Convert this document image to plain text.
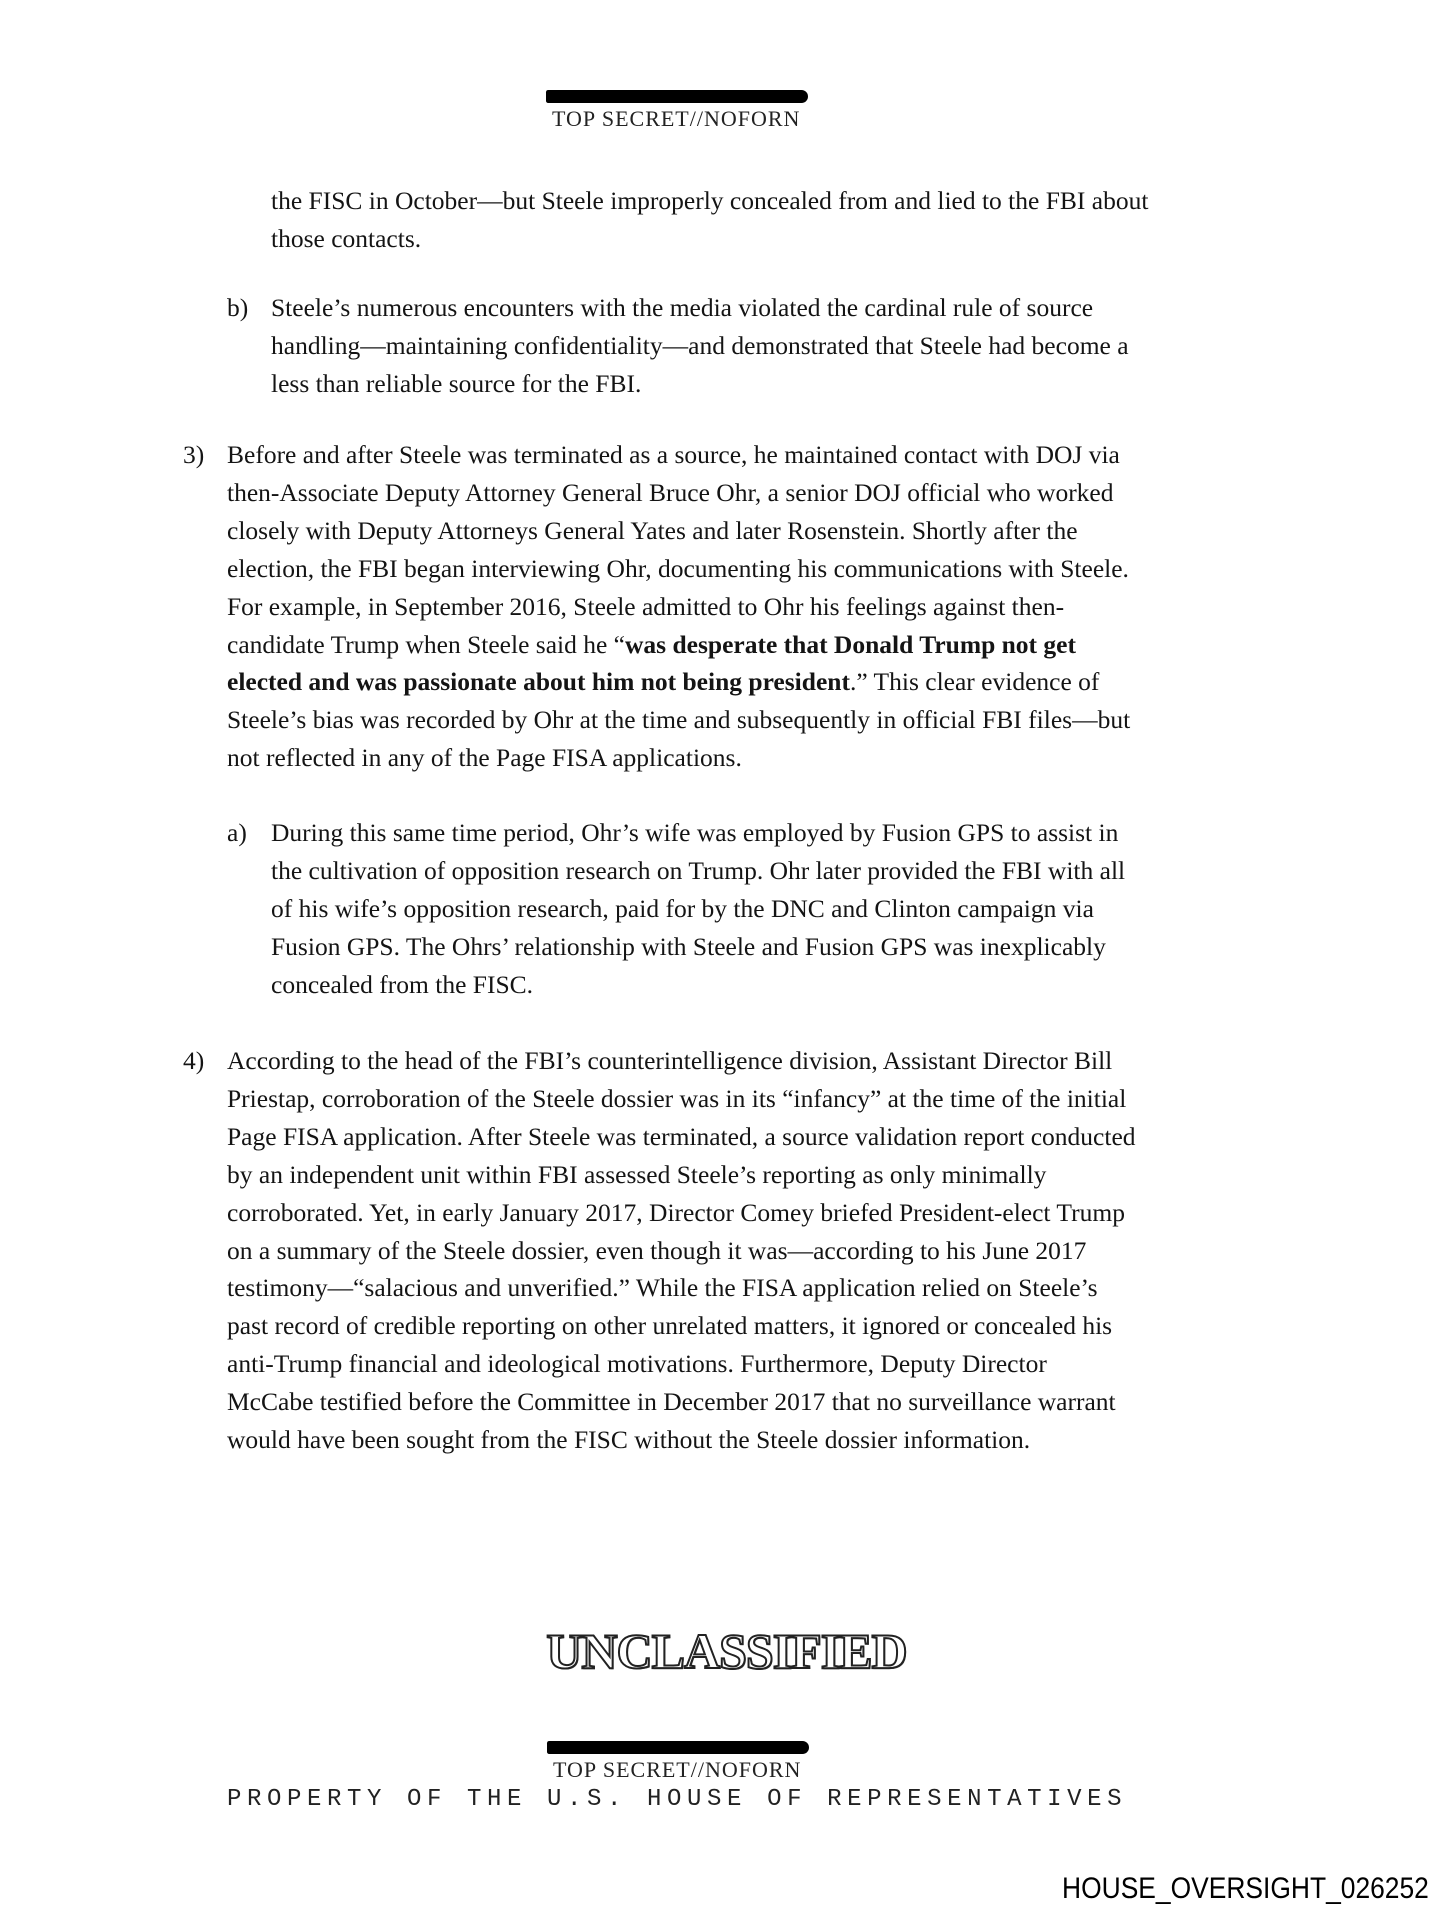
TOP SECRET//NOFORN
the FISC in October—but Steele improperly concealed from and lied to the FBI about
those contacts.
b) Steele’s numerous encounters with the media violated the cardinal rule of source
handling—maintaining confidentiality—and demonstrated that Steele had become a
less than reliable source for the FBI.
3) Before and after Steele was terminated as a source, he maintained contact with DOJ via
then-Associate Deputy Attorney General Bruce Ohr, a senior DOJ official who worked
closely with Deputy Attorneys General Yates and later Rosenstein. Shortly after the
election, the FBI began interviewing Ohr, documenting his communications with Steele.
For example, in September 2016, Steele admitted to Ohr his feelings against then-
candidate Trump when Steele said he “was desperate that Donald Trump not get
elected and was passionate about him not being president.” This clear evidence of
Steele’s bias was recorded by Ohr at the time and subsequently in official FBI files—but
not reflected in any of the Page FISA applications.
a) During this same time period, Ohr’s wife was employed by Fusion GPS to assist in
the cultivation of opposition research on Trump. Ohr later provided the FBI with all
of his wife’s opposition research, paid for by the DNC and Clinton campaign via
Fusion GPS. The Ohrs’ relationship with Steele and Fusion GPS was inexplicably
concealed from the FISC.
4) According to the head of the FBI’s counterintelligence division, Assistant Director Bill
Priestap, corroboration of the Steele dossier was in its “infancy” at the time of the initial
Page FISA application. After Steele was terminated, a source validation report conducted
by an independent unit within FBI assessed Steele’s reporting as only minimally
corroborated. Yet, in early January 2017, Director Comey briefed President-elect Trump
on a summary of the Steele dossier, even though it was—according to his June 2017
testimony—“salacious and unverified.” While the FISA application relied on Steele’s
past record of credible reporting on other unrelated matters, it ignored or concealed his
anti-Trump financial and ideological motivations. Furthermore, Deputy Director
McCabe testified before the Committee in December 2017 that no surveillance warrant
would have been sought from the FISC without the Steele dossier information.
UNCLASSIFIED
TOP SECRET//NOFORN
PROPERTY OF THE U.S. HOUSE OF REPRESENTATIVES
HOUSE_OVERSIGHT_026252
